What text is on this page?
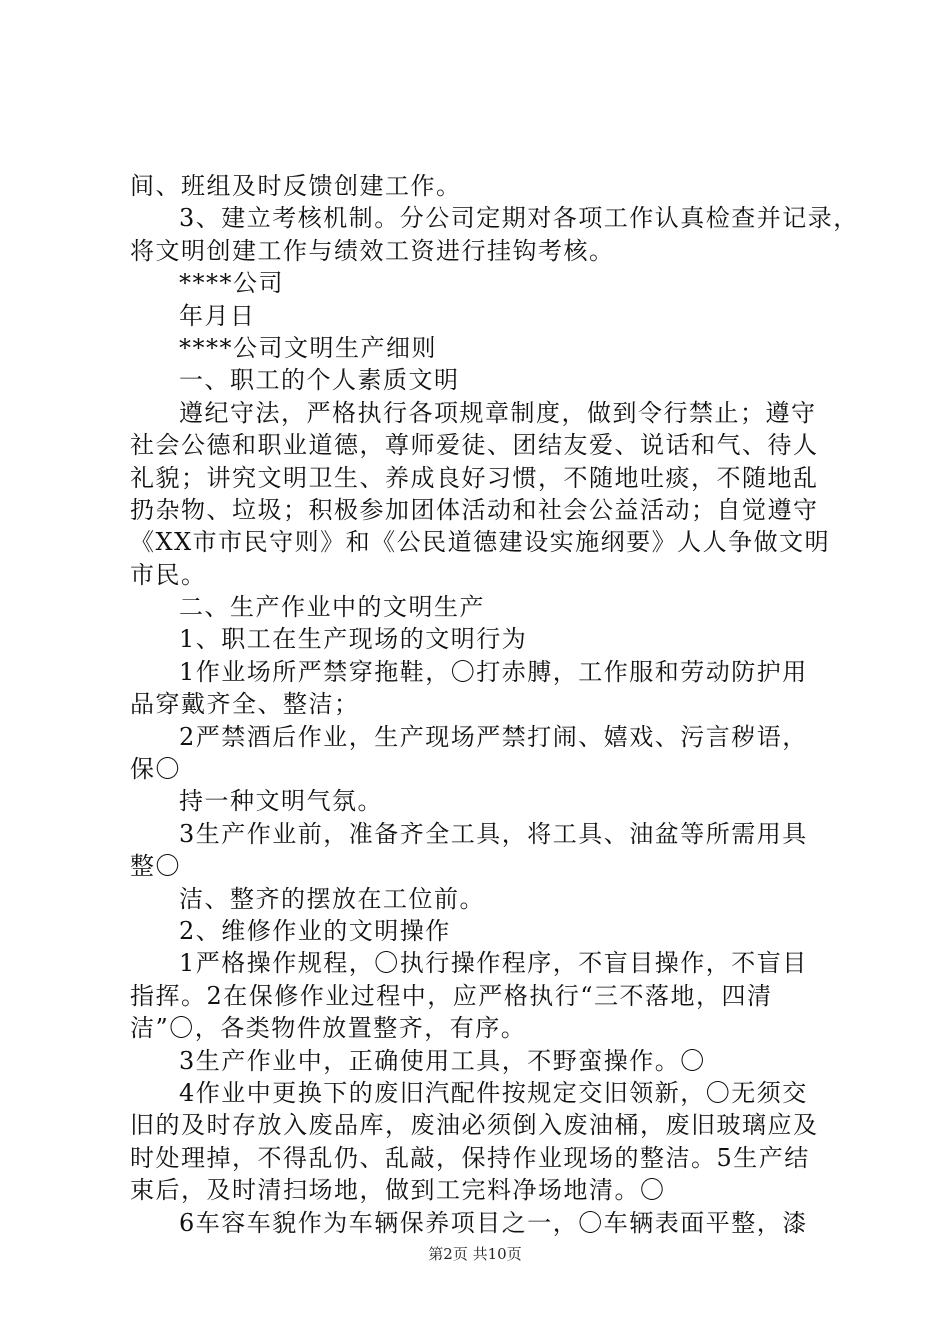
间、班组及时反馈创建工作。
3、建立考核机制。分公司定期对各项工作认真检查并记录，
将文明创建工作与绩效工资进行挂钩考核。
****公司
年月日
****公司文明生产细则
一、职工的个人素质文明
遵纪守法，严格执行各项规章制度，做到令行禁止；遵守
社会公德和职业道德，尊师爱徒、团结友爱、说话和气、待人
礼貌；讲究文明卫生、养成良好习惯，不随地吐痰，不随地乱
扔杂物、垃圾；积极参加团体活动和社会公益活动；自觉遵守
《XX市市民守则》和《公民道德建设实施纲要》人人争做文明
市民。
二、生产作业中的文明生产
1、职工在生产现场的文明行为
1作业场所严禁穿拖鞋，〇打赤膊，工作服和劳动防护用
品穿戴齐全、整洁；
2严禁酒后作业，生产现场严禁打闹、嬉戏、污言秽语，
保〇
持一种文明气氛。
3生产作业前，准备齐全工具，将工具、油盆等所需用具
整〇
洁、整齐的摆放在工位前。
2、维修作业的文明操作
1严格操作规程，〇执行操作程序，不盲目操作，不盲目
指挥。2在保修作业过程中，应严格执行“三不落地，四清
洁”〇，各类物件放置整齐，有序。
3生产作业中，正确使用工具，不野蛮操作。〇
4作业中更换下的废旧汽配件按规定交旧领新，〇无须交
旧的及时存放入废品库，废油必须倒入废油桶，废旧玻璃应及
时处理掉，不得乱仍、乱敲，保持作业现场的整洁。5生产结
束后，及时清扫场地，做到工完料净场地清。〇
6车容车貌作为车辆保养项目之一，〇车辆表面平整，漆
第2页 共10页
